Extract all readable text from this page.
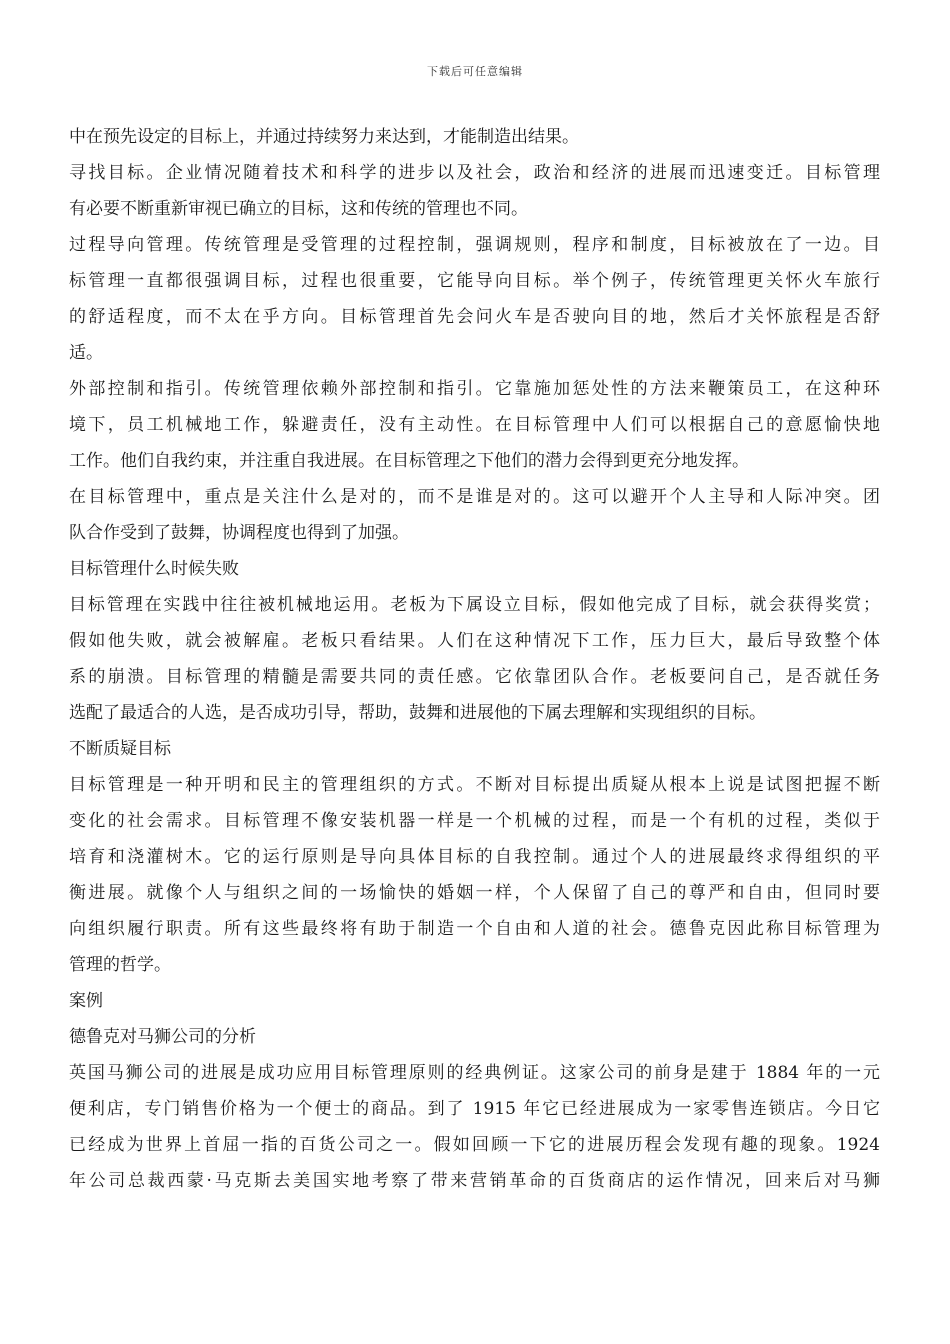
下载后可任意编辑
中在预先设定的目标上，并通过持续努力来达到，才能制造出结果。
寻找目标。企业情况随着技术和科学的进步以及社会，政治和经济的进展而迅速变迁。目标管理
有必要不断重新审视已确立的目标，这和传统的管理也不同。
过程导向管理。传统管理是受管理的过程控制，强调规则，程序和制度，目标被放在了一边。目
标管理一直都很强调目标，过程也很重要，它能导向目标。举个例子，传统管理更关怀火车旅行
的舒适程度，而不太在乎方向。目标管理首先会问火车是否驶向目的地，然后才关怀旅程是否舒
适。
外部控制和指引。传统管理依赖外部控制和指引。它靠施加惩处性的方法来鞭策员工，在这种环
境下，员工机械地工作，躲避责任，没有主动性。在目标管理中人们可以根据自己的意愿愉快地
工作。他们自我约束，并注重自我进展。在目标管理之下他们的潜力会得到更充分地发挥。
在目标管理中，重点是关注什么是对的，而不是谁是对的。这可以避开个人主导和人际冲突。团
队合作受到了鼓舞，协调程度也得到了加强。
目标管理什么时候失败
目标管理在实践中往往被机械地运用。老板为下属设立目标，假如他完成了目标，就会获得奖赏；
假如他失败，就会被解雇。老板只看结果。人们在这种情况下工作，压力巨大，最后导致整个体
系的崩溃。目标管理的精髓是需要共同的责任感。它依靠团队合作。老板要问自己，是否就任务
选配了最适合的人选，是否成功引导，帮助，鼓舞和进展他的下属去理解和实现组织的目标。
不断质疑目标
目标管理是一种开明和民主的管理组织的方式。不断对目标提出质疑从根本上说是试图把握不断
变化的社会需求。目标管理不像安装机器一样是一个机械的过程，而是一个有机的过程，类似于
培育和浇灌树木。它的运行原则是导向具体目标的自我控制。通过个人的进展最终求得组织的平
衡进展。就像个人与组织之间的一场愉快的婚姻一样，个人保留了自己的尊严和自由，但同时要
向组织履行职责。所有这些最终将有助于制造一个自由和人道的社会。德鲁克因此称目标管理为
管理的哲学。
案例
德鲁克对马狮公司的分析
英国马狮公司的进展是成功应用目标管理原则的经典例证。这家公司的前身是建于 1884 年的一元
便利店，专门销售价格为一个便士的商品。到了 1915 年它已经进展成为一家零售连锁店。今日它
已经成为世界上首屈一指的百货公司之一。假如回顾一下它的进展历程会发现有趣的现象。1924
年公司总裁西蒙·马克斯去美国实地考察了带来营销革命的百货商店的运作情况，回来后对马狮
